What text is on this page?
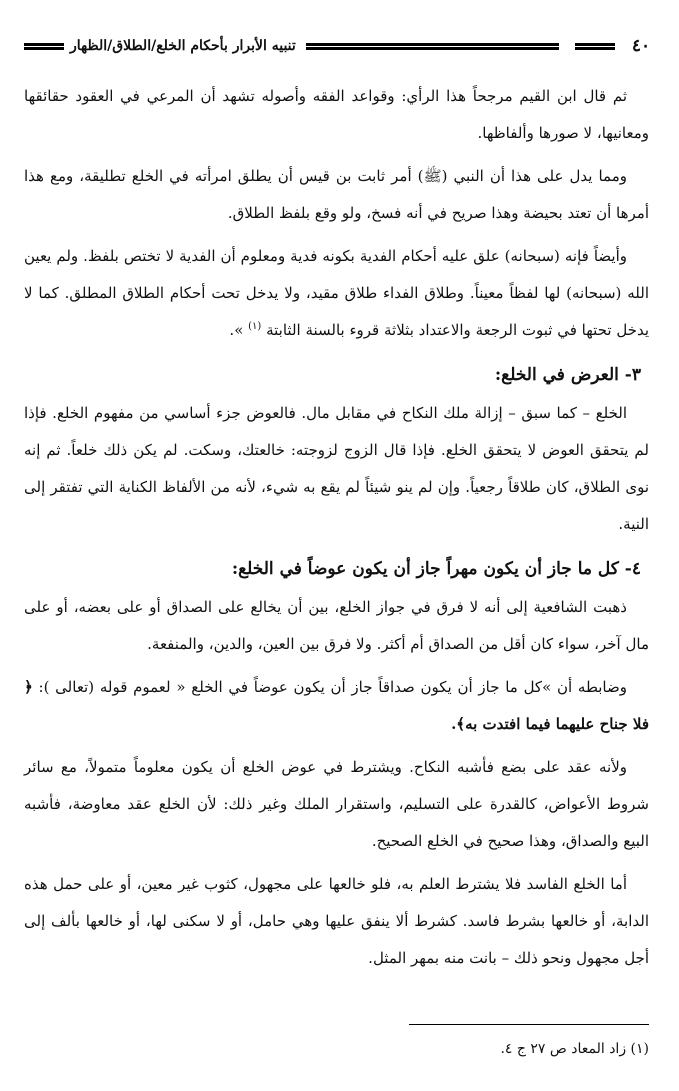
٤٠
تنبيه الأبرار بأحكام الخلع/الطلاق/الظهار

ثم قال ابن القيم مرجحاً هذا الرأي: وقواعد الفقه وأصوله تشهد أن المرعي في العقود حقائقها ومعانيها، لا صورها وألفاظها.

ومما يدل على هذا أن النبي (ﷺ) أمر ثابت بن قيس أن يطلق امرأته في الخلع تطليقة، ومع هذا أمرها أن تعتد بحيضة وهذا صريح في أنه فسخ، ولو وقع بلفظ الطلاق.

وأيضاً فإنه (سبحانه) علق عليه أحكام الفدية بكونه فدية ومعلوم أن الفدية لا تختص بلفظ. ولم يعين الله (سبحانه) لها لفظاً معيناً. وطلاق الفداء طلاق مقيد، ولا يدخل تحت أحكام الطلاق المطلق. كما لا يدخل تحتها في ثبوت الرجعة والاعتداد بثلاثة قروء بالسنة الثابتة $^{(١)}$ ».

٣- العرض في الخلع:

الخلع – كما سبق – إزالة ملك النكاح في مقابل مال. فالعوض جزء أساسي من مفهوم الخلع. فإذا لم يتحقق العوض لا يتحقق الخلع. فإذا قال الزوج لزوجته: خالعتك، وسكت. لم يكن ذلك خلعاً. ثم إنه نوى الطلاق، كان طلاقاً رجعياً. وإن لم ينو شيئاً لم يقع به شيء، لأنه من الألفاظ الكناية التي تفتقر إلى النية.

٤- كل ما جاز أن يكون مهراً جاز أن يكون عوضاً في الخلع:

ذهبت الشافعية إلى أنه لا فرق في جواز الخلع، بين أن يخالع على الصداق أو على بعضه، أو على مال آخر، سواء كان أقل من الصداق أم أكثر. ولا فرق بين العين، والدين، والمنفعة.

وضابطه أن »كل ما جاز أن يكون صداقاً جاز أن يكون عوضاً في الخلع « لعموم قوله (تعالى ): ﴿ فلا جناح عليهما فيما افتدت به﴾.

ولأنه عقد على بضع فأشبه النكاح. ويشترط في عوض الخلع أن يكون معلوماً متمولاً، مع سائر شروط الأعواض، كالقدرة على التسليم، واستقرار الملك وغير ذلك: لأن الخلع عقد معاوضة، فأشبه البيع والصداق، وهذا صحيح في الخلع الصحيح.

أما الخلع الفاسد فلا يشترط العلم به، فلو خالعها على مجهول، كثوب غير معين، أو على حمل هذه الدابة، أو خالعها بشرط فاسد. كشرط ألا ينفق عليها وهي حامل، أو لا سكنى لها، أو خالعها بألف إلى أجل مجهول ونحو ذلك – بانت منه بمهر المثل.

(١) زاد المعاد ص ٢٧ ج ٤.
